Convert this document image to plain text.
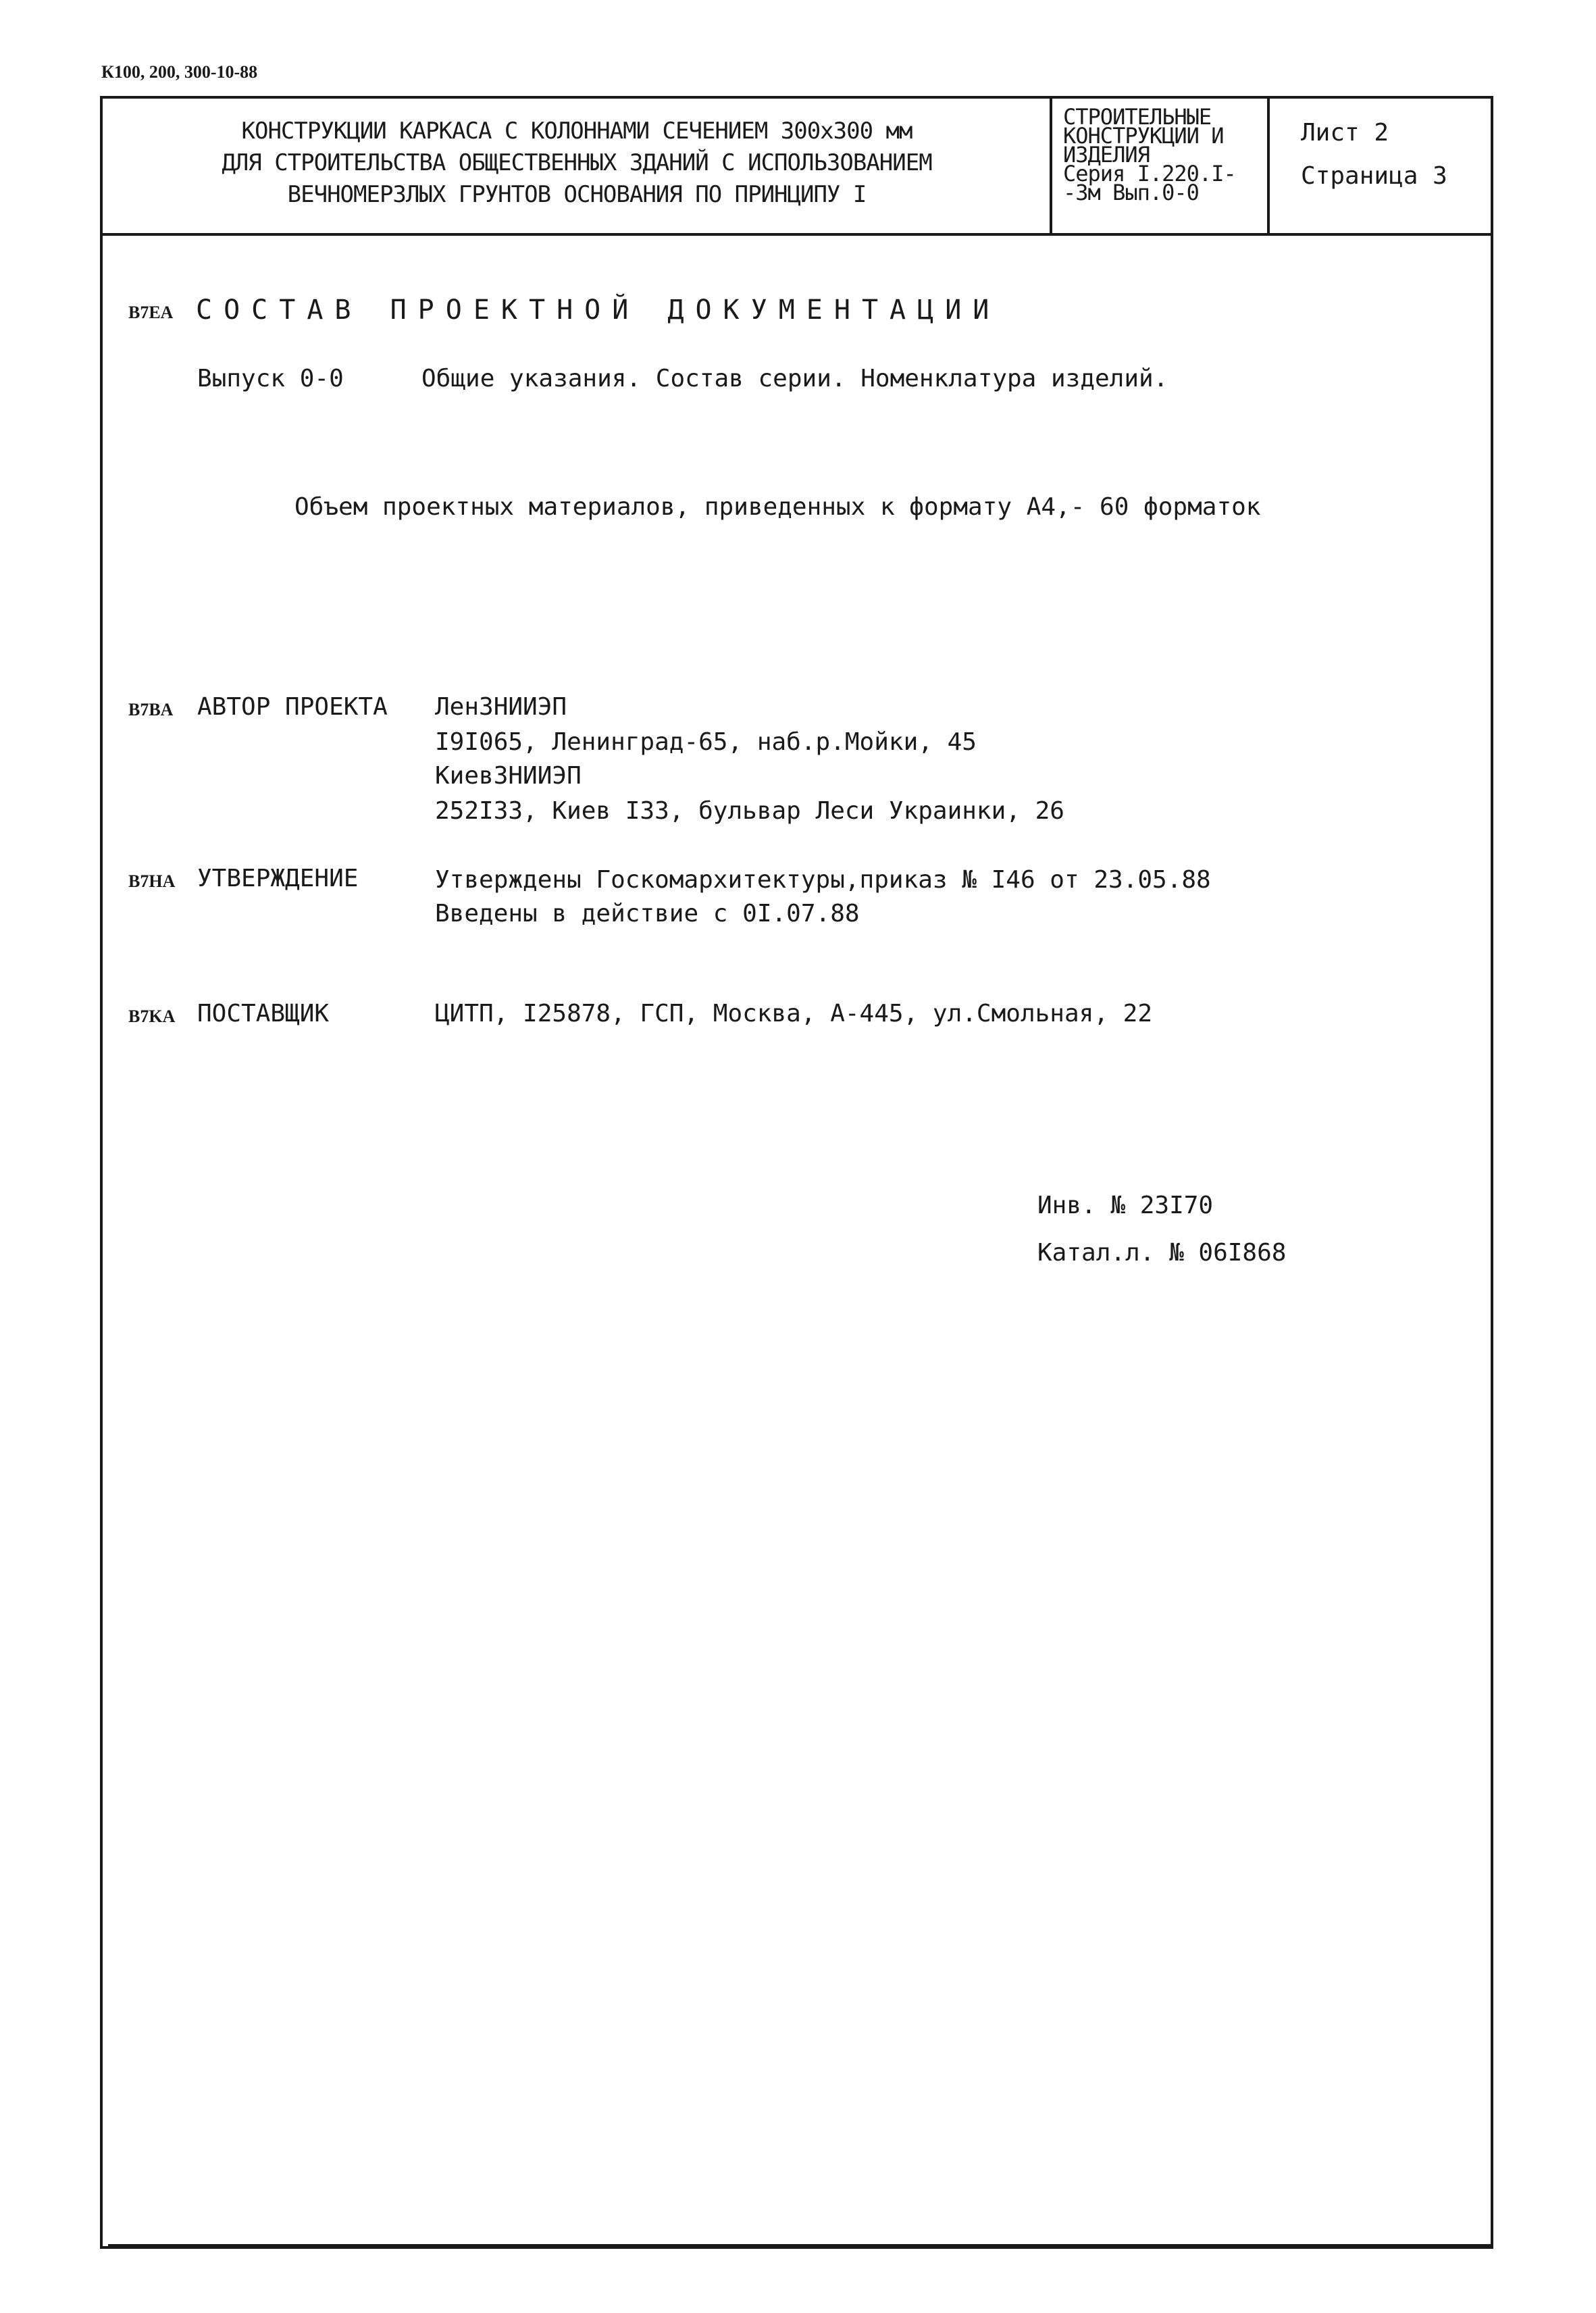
К100, 200, 300-10-88
КОНСТРУКЦИИ КАРКАСА С КОЛОННАМИ СЕЧЕНИЕМ 300х300 мм
ДЛЯ СТРОИТЕЛЬСТВА ОБЩЕСТВЕННЫХ ЗДАНИЙ С ИСПОЛЬЗОВАНИЕМ
ВЕЧНОМЕРЗЛЫХ ГРУНТОВ ОСНОВАНИЯ ПО ПРИНЦИПУ I
СТРОИТЕЛЬНЫЕ
КОНСТРУКЦИИ И
ИЗДЕЛИЯ
Серия I.220.I-
-3м Вып.0-0
Лист 2
Страница 3
B7EA СОСТАВ ПРОЕКТНОЙ ДОКУМЕНТАЦИИ
Выпуск 0-0	Общие указания. Состав серии. Номенклатура изделий.
Объем проектных материалов, приведенных к формату А4,- 60 форматок
B7BA АВТОР ПРОЕКТА ЛенЗНИИЭП
I9I065, Ленинград-65, наб.р.Мойки, 45
КиевЗНИИЭП
252I33, Киев I33, бульвар Леси Украинки, 26
B7HA УТВЕРЖДЕНИЕ	Утверждены Госкомархитектуры,приказ № I46 от 23.05.88
Введены в действие с 0I.07.88
B7KA ПОСТАВЩИК	ЦИТП, I25878, ГСП, Москва, А-445, ул.Смольная, 22
Инв. № 23I70
Катал.л. № 06I868
